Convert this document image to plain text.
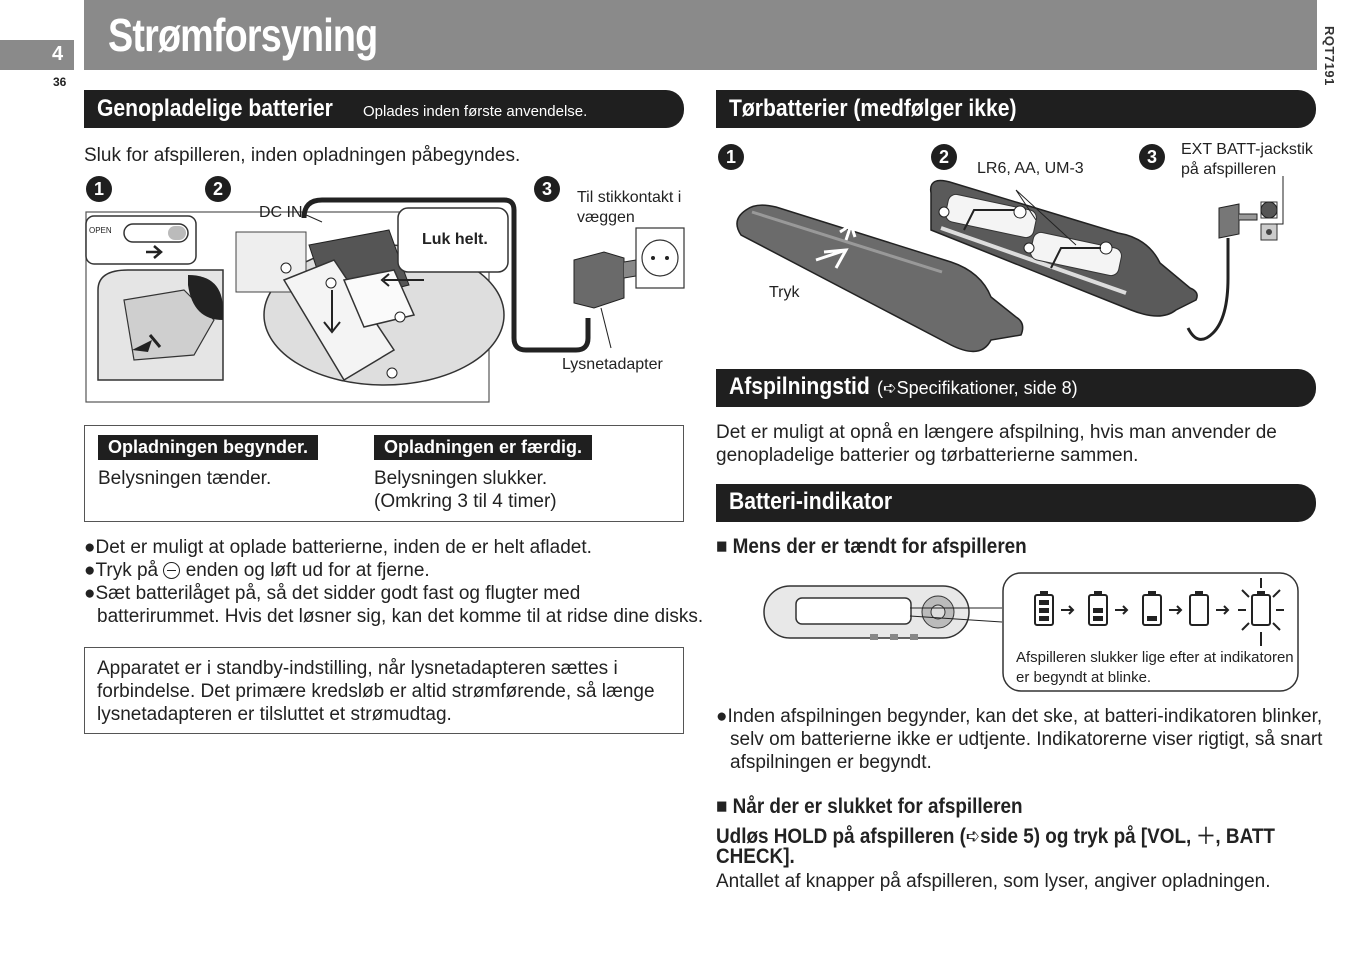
Strømforsyning
4
36	RQT7191
Genopladelige batterier Oplades inden første anvendelse.
Sluk for afspilleren, inden opladningen påbegyndes.
1	2	3
OPEN
DC IN
Luk helt.
Til stikkontakt i
væggen
Lysnetadapter
Opladningen begynder.
Belysningen tænder.
Opladningen er færdig.
Belysningen slukker.
(Omkring 3 til 4 timer)
●Det er muligt at oplade batterierne, inden de er helt afladet.
●Tryk på enden og løft ud for at fjerne.
●Sæt batterilåget på, så det sidder godt fast og flugter med
batterirummet. Hvis det løsner sig, kan det komme til at ridse dine disks.
Apparatet er i standby-indstilling, når lysnetadapteren sættes i
forbindelse. Det primære kredsløb er altid strømførende, så længe
lysnetadapteren er tilsluttet et strømudtag.
Tørbatterier (medfølger ikke)
1	2	3
LR6, AA, UM-3
EXT BATT-jackstik
på afspilleren
Tryk
Afspilningstid (➪Specifikationer, side 8)
Det er muligt at opnå en længere afspilning, hvis man anvender de
genopladelige batterier og tørbatterierne sammen.
Batteri-indikator
■ Mens der er tændt for afspilleren
Afspilleren slukker lige efter at indikatoren
er begyndt at blinke.
●Inden afspilningen begynder, kan det ske, at batteri-indikatoren blinker,
selv om batterierne ikke er udtjente. Indikatorerne viser rigtigt, så snart
afspilningen er begyndt.
■ Når der er slukket for afspilleren
Udløs HOLD på afspilleren (➪side 5) og tryk på [VOL, ＋, BATT
CHECK].
Antallet af knapper på afspilleren, som lyser, angiver opladningen.
